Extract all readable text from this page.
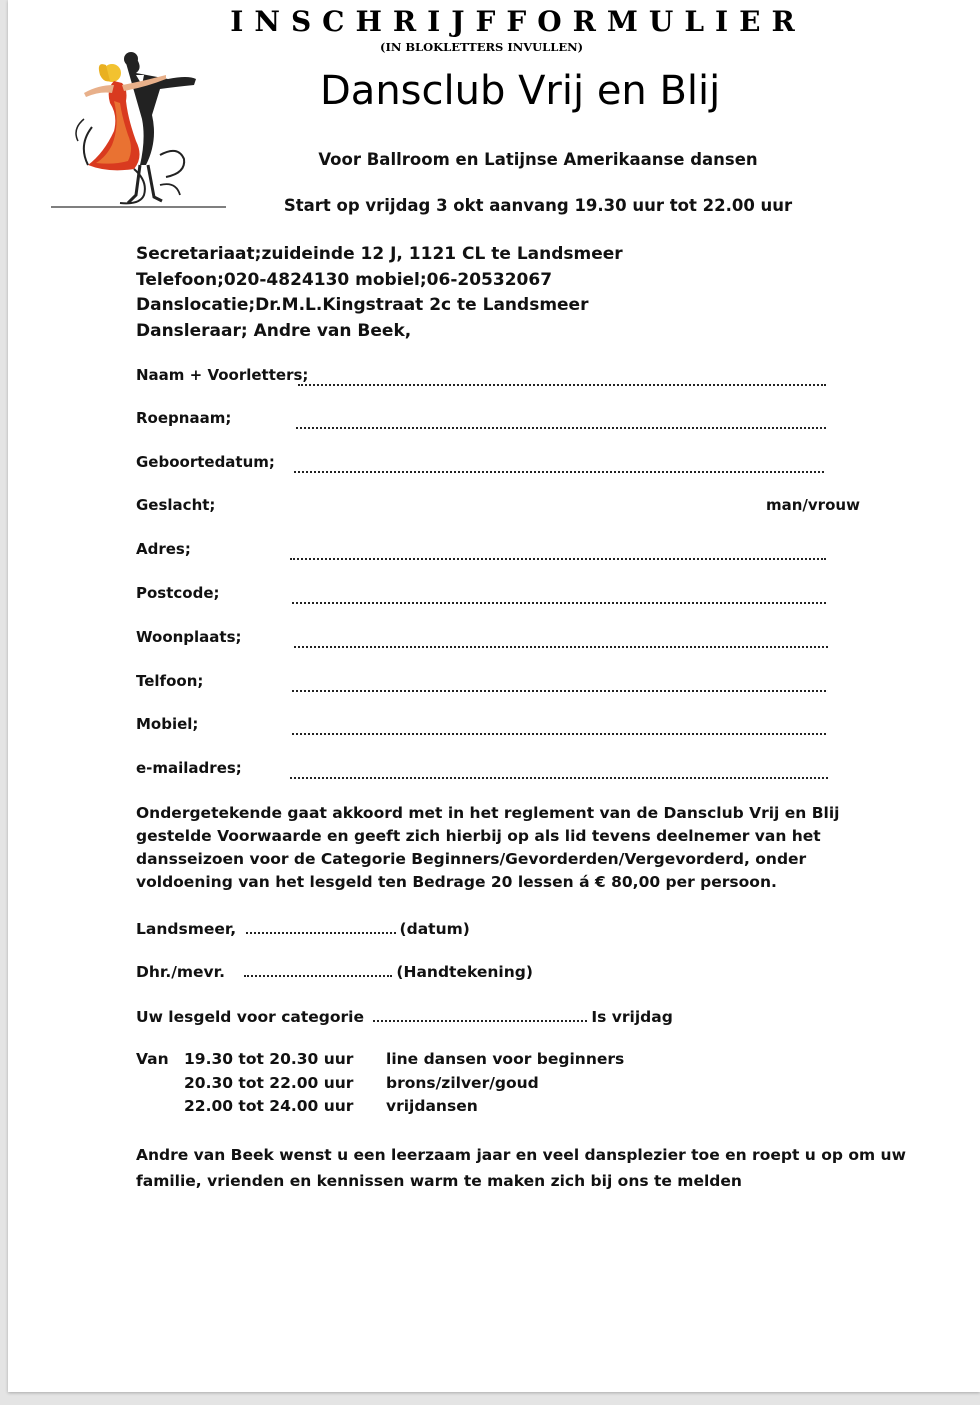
INSCHRIJFFORMULIER
(IN BLOKLETTERS INVULLEN)
Dansclub Vrij en Blij
Voor Ballroom en Latijnse Amerikaanse dansen
Start op vrijdag 3 okt aanvang 19.30 uur tot 22.00 uur
Secretariaat;zuideinde 12 J, 1121 CL te Landsmeer
Telefoon;020-4824130 mobiel;06-20532067
Danslocatie;Dr.M.L.Kingstraat 2c te Landsmeer
Dansleraar; Andre van Beek,
Naam + Voorletters;
Roepnaam;
Geboortedatum;
Geslacht;	man/vrouw
Adres;
Postcode;
Woonplaats;
Telfoon;
Mobiel;
e-mailadres;
Ondergetekende gaat akkoord met in het reglement van de Dansclub Vrij en Blij gestelde Voorwaarde en geeft zich hierbij op als lid tevens deelnemer van het dansseizoen voor de Categorie Beginners/Gevorderden/Vergevorderd, onder voldoening van het lesgeld ten Bedrage 20 lessen á € 80,00 per persoon.
Landsmeer,	(datum)
Dhr./mevr.	(Handtekening)
Uw lesgeld voor categorie	Is vrijdag
Van 19.30 tot 20.30 uur line dansen voor beginners
20.30 tot 22.00 uur brons/zilver/goud
22.00 tot 24.00 uur vrijdansen
Andre van Beek wenst u een leerzaam jaar en veel dansplezier toe en roept u op om uw familie, vrienden en kennissen warm te maken zich bij ons te melden
